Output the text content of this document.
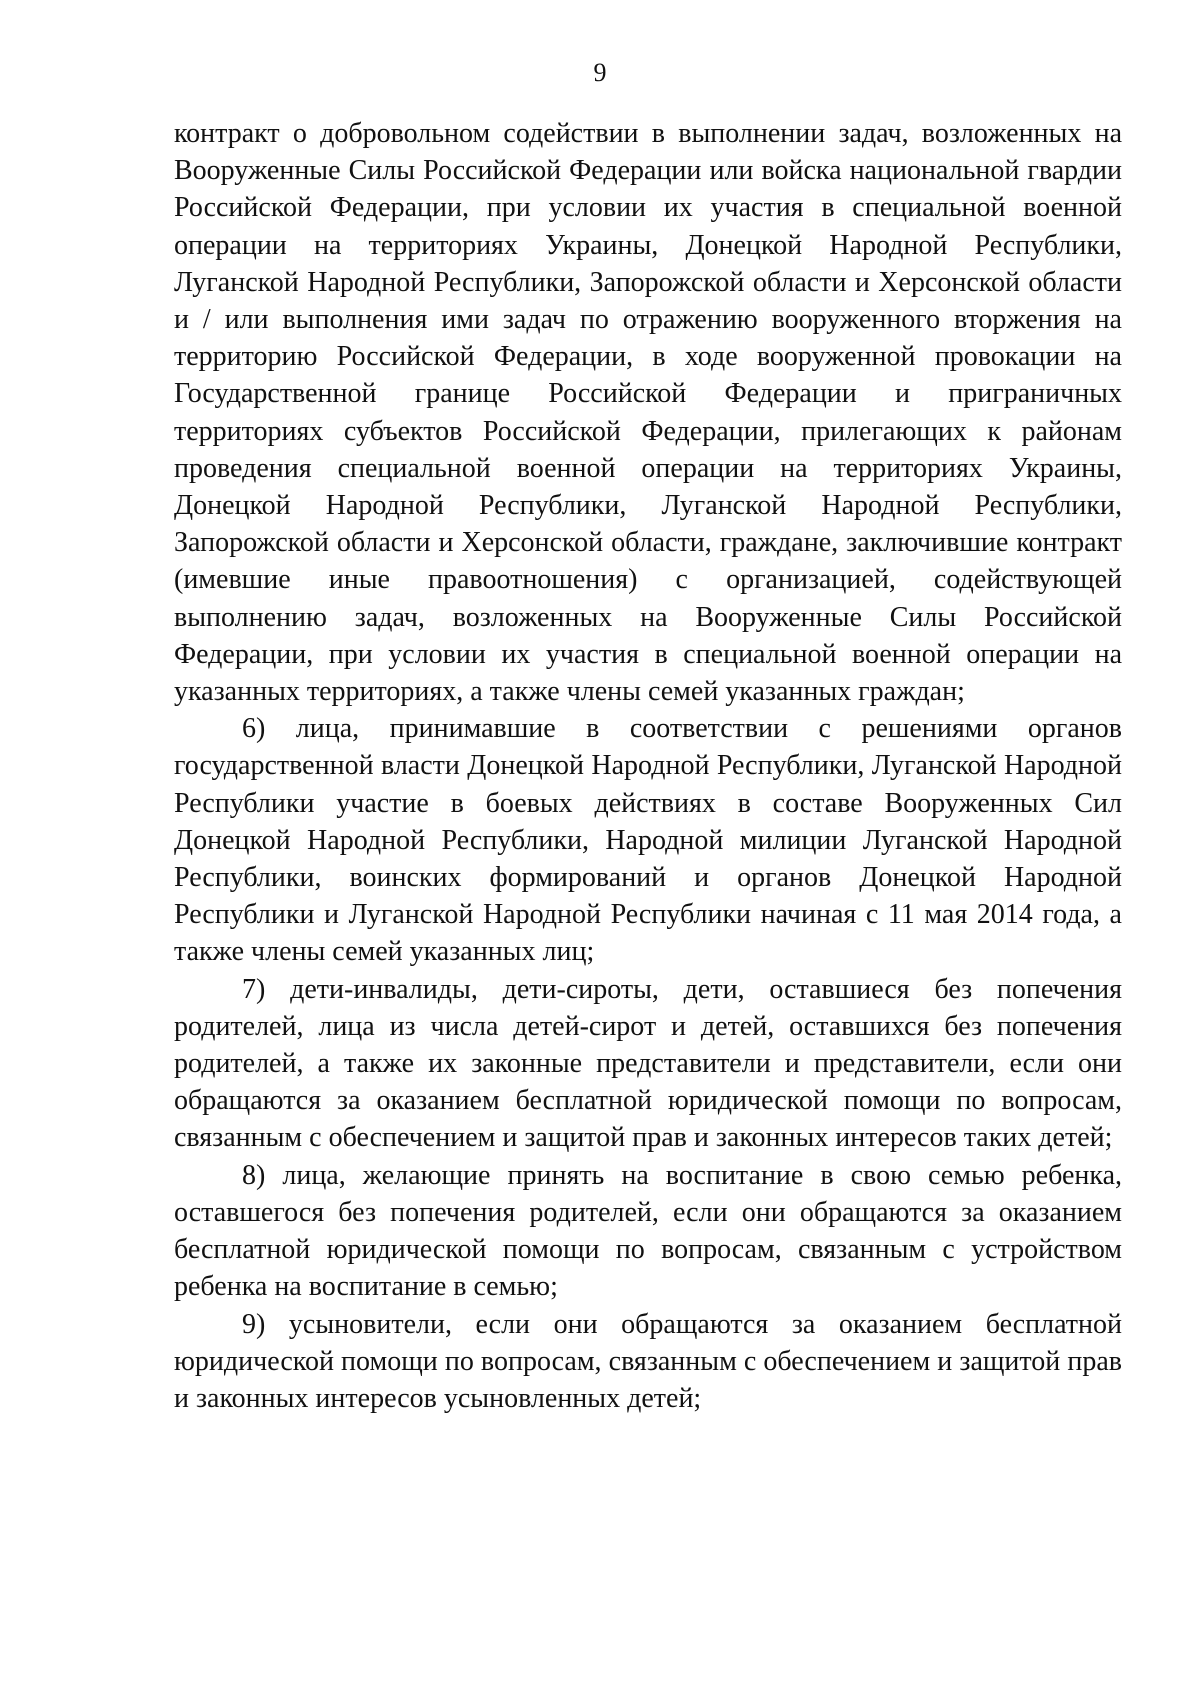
9

контракт о добровольном содействии в выполнении задач, возложенных на Вооруженные Силы Российской Федерации или войска национальной гвардии Российской Федерации, при условии их участия в специальной военной операции на территориях Украины, Донецкой Народной Республики, Луганской Народной Республики, Запорожской области и Херсонской области и / или выполнения ими задач по отражению вооруженного вторжения на территорию Российской Федерации, в ходе вооруженной провокации на Государственной границе Российской Федерации и приграничных территориях субъектов Российской Федерации, прилегающих к районам проведения специальной военной операции на территориях Украины, Донецкой Народной Республики, Луганской Народной Республики, Запорожской области и Херсонской области, граждане, заключившие контракт (имевшие иные правоотношения) с организацией, содействующей выполнению задач, возложенных на Вооруженные Силы Российской Федерации, при условии их участия в специальной военной операции на указанных территориях, а также члены семей указанных граждан;

6) лица, принимавшие в соответствии с решениями органов государственной власти Донецкой Народной Республики, Луганской Народной Республики участие в боевых действиях в составе Вооруженных Сил Донецкой Народной Республики, Народной милиции Луганской Народной Республики, воинских формирований и органов Донецкой Народной Республики и Луганской Народной Республики начиная с 11 мая 2014 года, а также члены семей указанных лиц;

7) дети-инвалиды, дети-сироты, дети, оставшиеся без попечения родителей, лица из числа детей-сирот и детей, оставшихся без попечения родителей, а также их законные представители и представители, если они обращаются за оказанием бесплатной юридической помощи по вопросам, связанным с обеспечением и защитой прав и законных интересов таких детей;

8) лица, желающие принять на воспитание в свою семью ребенка, оставшегося без попечения родителей, если они обращаются за оказанием бесплатной юридической помощи по вопросам, связанным с устройством ребенка на воспитание в семью;

9) усыновители, если они обращаются за оказанием бесплатной юридической помощи по вопросам, связанным с обеспечением и защитой прав и законных интересов усыновленных детей;
